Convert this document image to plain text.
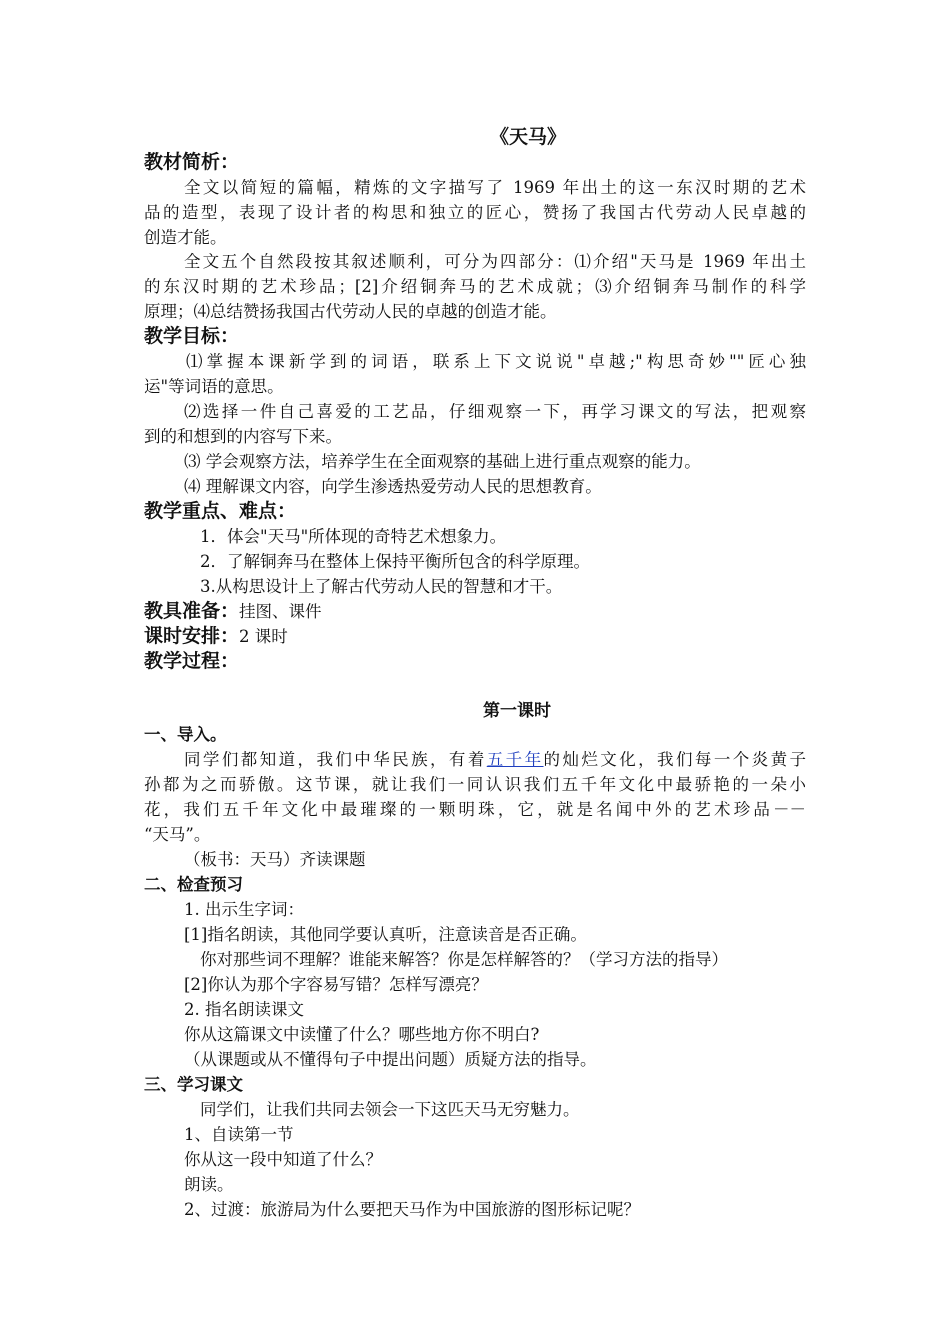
《天马》
教材简析：
全文以简短的篇幅，精炼的文字描写了 1969 年出土的这一东汉时期的艺术
品的造型，表现了设计者的构思和独立的匠心，赞扬了我国古代劳动人民卓越的
创造才能。
全文五个自然段按其叙述顺利，可分为四部分：⑴介绍"天马是 1969 年出土
的东汉时期的艺术珍品；[2]介绍铜奔马的艺术成就；⑶介绍铜奔马制作的科学
原理；⑷总结赞扬我国古代劳动人民的卓越的创造才能。
教学目标：
⑴掌握本课新学到的词语，联系上下文说说"卓越;"构思奇妙""匠心独
运"等词语的意思。
⑵选择一件自己喜爱的工艺品，仔细观察一下，再学习课文的写法，把观察
到的和想到的内容写下来。
⑶ 学会观察方法，培养学生在全面观察的基础上进行重点观察的能力。
⑷ 理解课文内容，向学生渗透热爱劳动人民的思想教育。
教学重点、难点：
1．体会"天马"所体现的奇特艺术想象力。
2．了解铜奔马在整体上保持平衡所包含的科学原理。
3.从构思设计上了解古代劳动人民的智慧和才干。
教具准备：挂图、课件
课时安排：2 课时
教学过程：
第一课时
一、导入。
同学们都知道，我们中华民族，有着五千年的灿烂文化，我们每一个炎黄子
孙都为之而骄傲。这节课，就让我们一同认识我们五千年文化中最骄艳的一朵小
花，我们五千年文化中最璀璨的一颗明珠，它，就是名闻中外的艺术珍品－－
“天马”。
（板书：天马）齐读课题
二、检查预习
1. 出示生字词：
[1]指名朗读，其他同学要认真听，注意读音是否正确。
你对那些词不理解？谁能来解答？你是怎样解答的？（学习方法的指导）
[2]你认为那个字容易写错？怎样写漂亮？
2. 指名朗读课文
你从这篇课文中读懂了什么？哪些地方你不明白?
（从课题或从不懂得句子中提出问题）质疑方法的指导。
三、学习课文
同学们，让我们共同去领会一下这匹天马无穷魅力。
1、自读第一节
你从这一段中知道了什么？
朗读。
2、过渡：旅游局为什么要把天马作为中国旅游的图形标记呢？
